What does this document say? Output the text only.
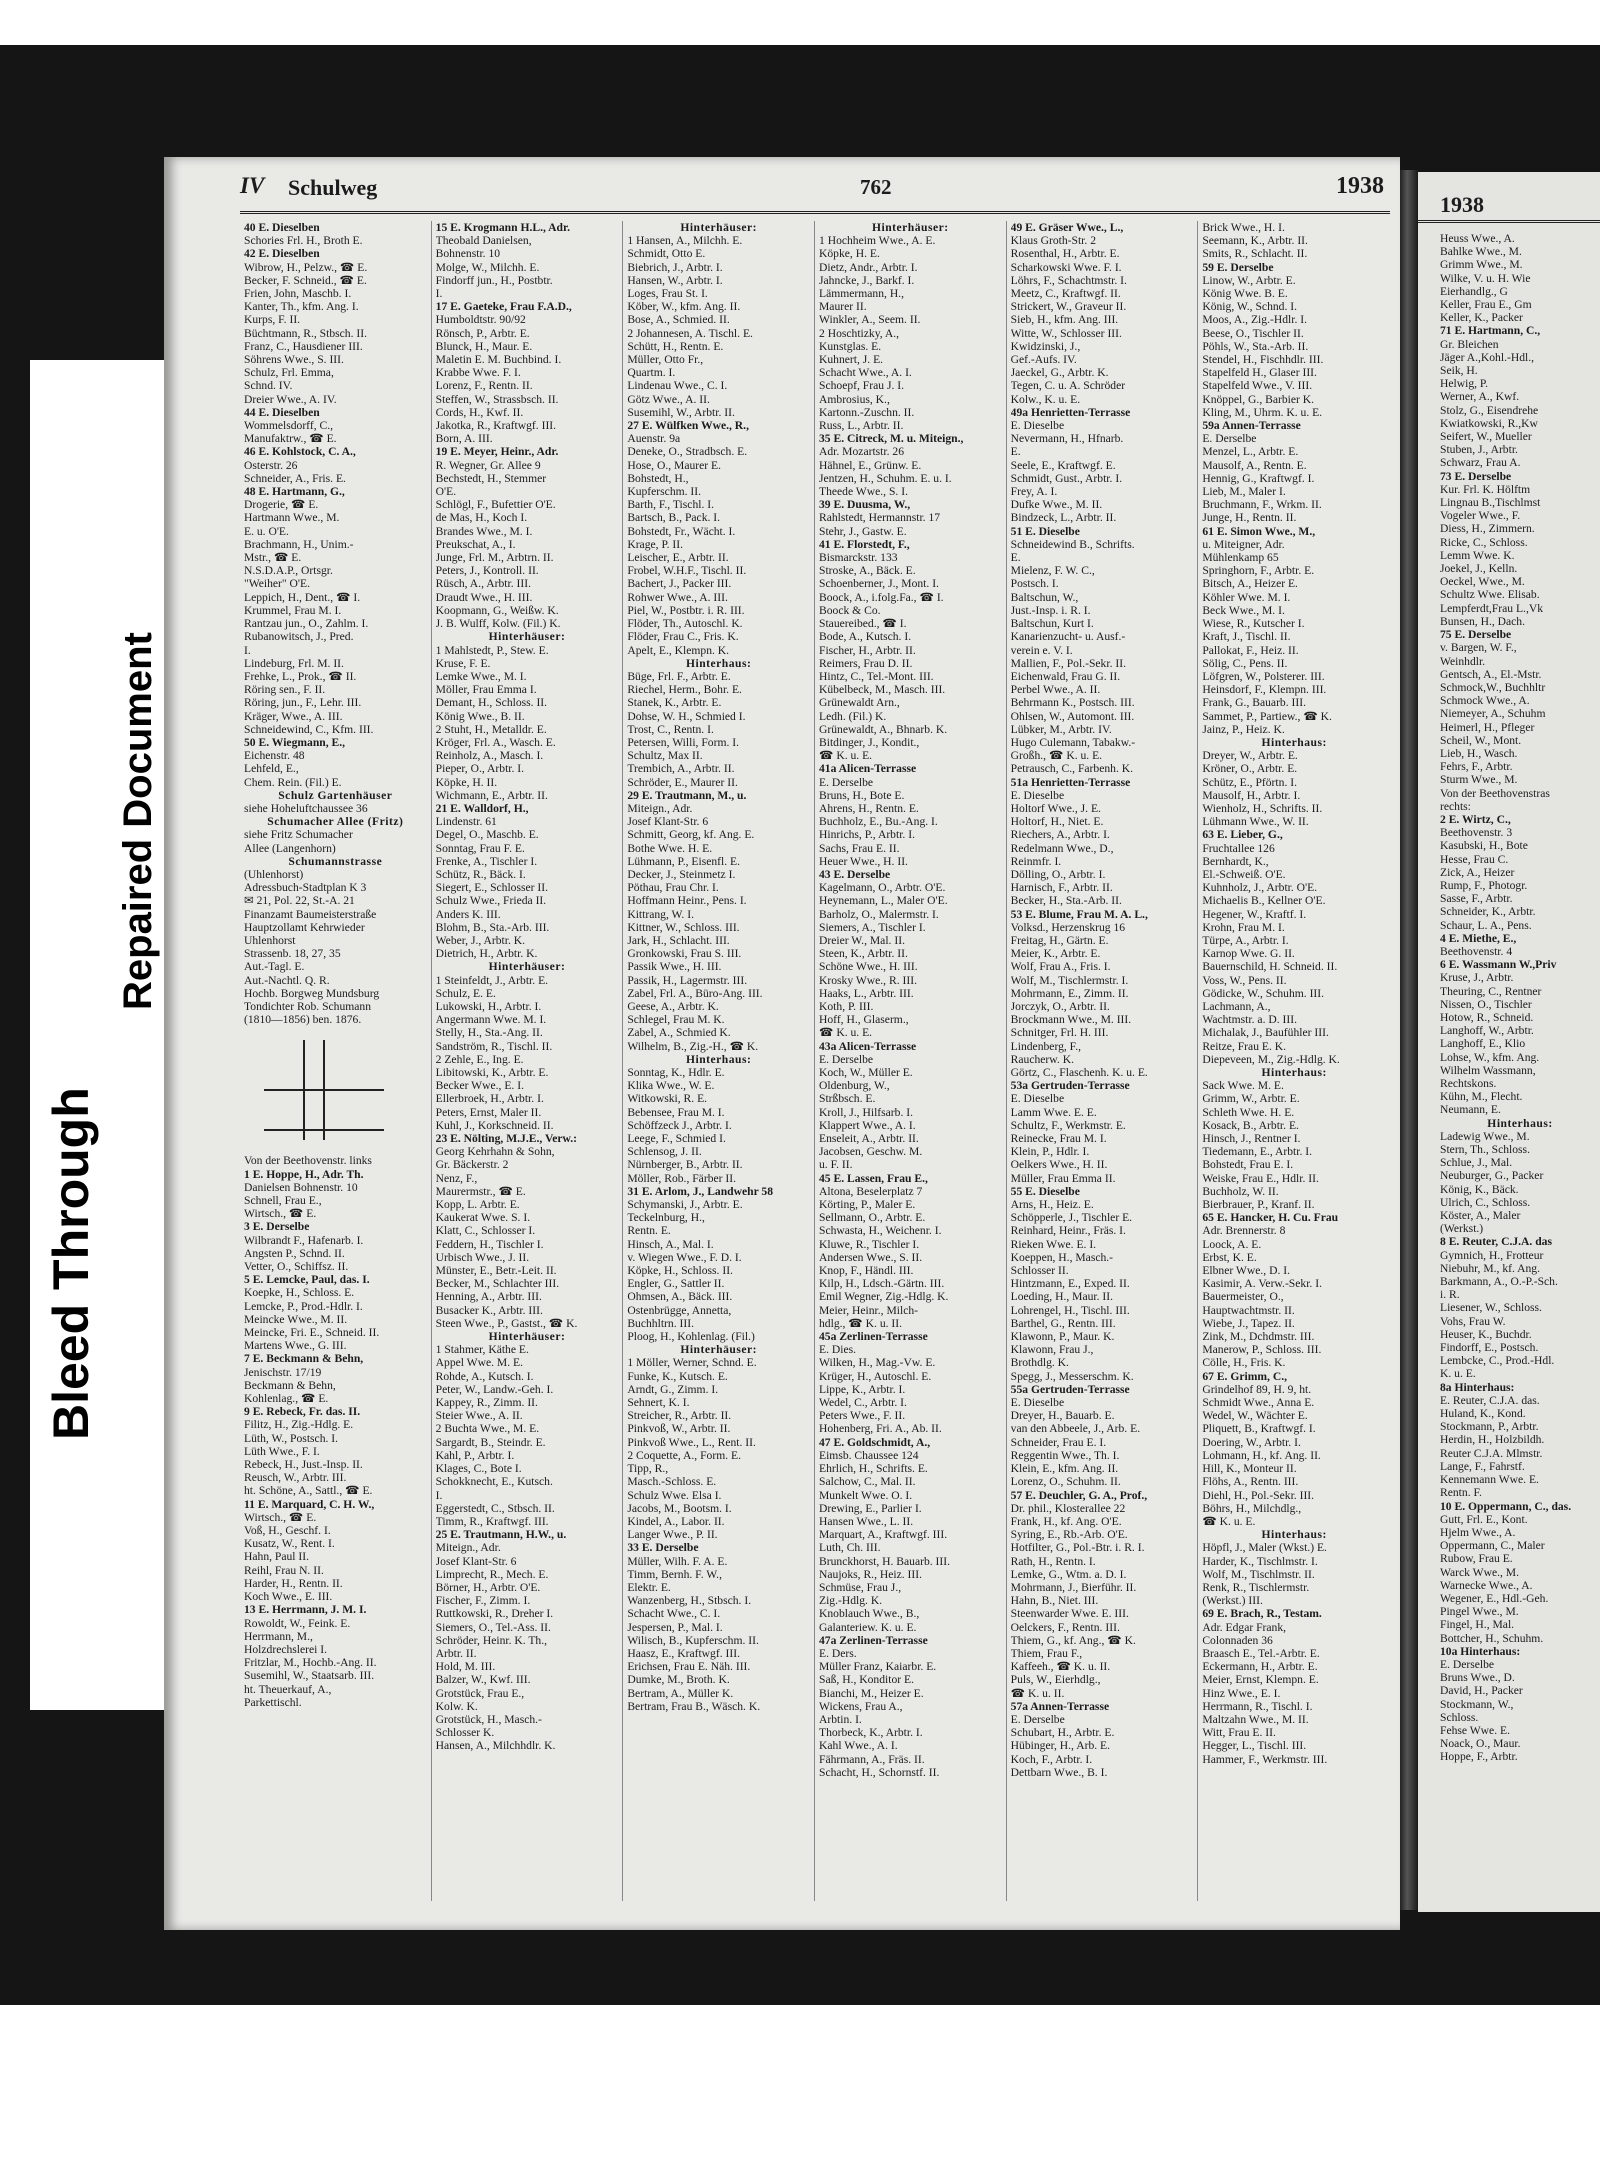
Bleed Through
Repaired Document
IV Schulweg	762	1938
40 E. Dieselben
Schories Frl. H., Broth E.
42 E. Dieselben
Wibrow, H., Pelzw., ☎ E.
Becker, F. Schneid., ☎ E.
Frien, John, Maschb. I.
Kanter, Th., kfm. Ang. I.
Kurps, F. II.
Büchtmann, R., Stbsch. II.
Franz, C., Hausdiener III.
Söhrens Wwe., S. III.
Schulz, Frl. Emma,
Schnd. IV.
Dreier Wwe., A. IV.
44 E. Dieselben
Wommelsdorff, C.,
Manufaktrw., ☎ E.
46 E. Kohlstock, C. A.,
Osterstr. 26
Schneider, A., Fris. E.
48 E. Hartmann, G.,
Drogerie, ☎ E.
Hartmann Wwe., M.
E. u. O'E.
Brachmann, H., Unim.-
Mstr., ☎ E.
N.S.D.A.P., Ortsgr.
"Weiher" O'E.
Leppich, H., Dent., ☎ I.
Krummel, Frau M. I.
Rantzau jun., O., Zahlm. I.
Rubanowitsch, J., Pred.
I.
Lindeburg, Frl. M. II.
Frehke, L., Prok., ☎ II.
Röring sen., F. II.
Röring, jun., F., Lehr. III.
Kräger, Wwe., A. III.
Schneidewind, C., Kfm. III.
50 E. Wiegmann, E.,
Eichenstr. 48
Lehfeld, E.,
Chem. Rein. (Fil.) E.
Schulz Gartenhäuser
siehe Hoheluftchaussee 36
Schumacher Allee (Fritz)
siehe Fritz Schumacher
Allee (Langenhorn)
Schumannstrasse
(Uhlenhorst)
Adressbuch-Stadtplan K 3
✉ 21, Pol. 22, St.-A. 21
Finanzamt Baumeisterstraße
Hauptzollamt Kehrwieder
Uhlenhorst
Strassenb. 18, 27, 35
Aut.-Tagl. E.
Aut.-Nachtl. Q. R.
Hochb. Borgweg Mundsburg
Tondichter Rob. Schumann
(1810—1856) ben. 1876.
Von der Beethovenstr. links
1 E. Hoppe, H., Adr. Th.
Danielsen Bohnenstr. 10
Schnell, Frau E.,
Wirtsch., ☎ E.
3 E. Derselbe
Wilbrandt F., Hafenarb. I.
Angsten P., Schnd. II.
Vetter, O., Schiffsz. II.
5 E. Lemcke, Paul, das. I.
Koepke, H., Schloss. E.
Lemcke, P., Prod.-Hdlr. I.
Meincke Wwe., M. II.
Meincke, Fri. E., Schneid. II.
Martens Wwe., G. III.
7 E. Beckmann & Behn,
Jenischstr. 17/19
Beckmann & Behn,
Kohlenlag., ☎ E.
9 E. Rebeck, Fr. das. II.
Filitz, H., Zig.-Hdlg. E.
Lüth, W., Postsch. I.
Lüth Wwe., F. I.
Rebeck, H., Just.-Insp. II.
Reusch, W., Arbtr. III.
ht. Schöne, A., Sattl., ☎ E.
11 E. Marquard, C. H. W.,
Wirtsch., ☎ E.
Voß, H., Geschf. I.
Kusatz, W., Rent. I.
Hahn, Paul II.
Reihl, Frau N. II.
Harder, H., Rentn. II.
Koch Wwe., E. III.
13 E. Herrmann, J. M. I.
Rowoldt, W., Feink. E.
Herrmann, M.,
Holzdrechslerei I.
Fritzlar, M., Hochb.-Ang. II.
Susemihl, W., Staatsarb. III.
ht. Theuerkauf, A.,
Parkettischl.
15 E. Krogmann H.L., Adr.
Theobald Danielsen,
Bohnenstr. 10
Molge, W., Milchh. E.
Findorff jun., H., Postbtr.
I.
17 E. Gaeteke, Frau F.A.D.,
Humboldtstr. 90/92
Rönsch, P., Arbtr. E.
Blunck, H., Maur. E.
Maletin E. M. Buchbind. I.
Krabbe Wwe. F. I.
Lorenz, F., Rentn. II.
Steffen, W., Strassbsch. II.
Cords, H., Kwf. II.
Jakotka, R., Kraftwgf. III.
Born, A. III.
19 E. Meyer, Heinr., Adr.
R. Wegner, Gr. Allee 9
Bechstedt, H., Stemmer
O'E.
Schlögl, F., Bufettier O'E.
de Mas, H., Koch I.
Brandes Wwe., M. I.
Preukschat, A., I.
Junge, Frl. M., Arbtrn. II.
Peters, J., Kontroll. II.
Rüsch, A., Arbtr. III.
Draudt Wwe., H. III.
Koopmann, G., Weißw. K.
J. B. Wulff, Kolw. (Fil.) K.
Hinterhäuser:
1 Mahlstedt, P., Stew. E.
Kruse, F. E.
Lemke Wwe., M. I.
Möller, Frau Emma I.
Demant, H., Schloss. II.
König Wwe., B. II.
2 Stuht, H., Metalldr. E.
Kröger, Frl. A., Wasch. E.
Reinholz, A., Masch. I.
Pieper, O., Arbtr. I.
Köpke, H. II.
Wichmann, E., Arbtr. II.
21 E. Walldorf, H.,
Lindenstr. 61
Degel, O., Maschb. E.
Sonntag, Frau F. E.
Frenke, A., Tischler I.
Schütz, R., Bäck. I.
Siegert, E., Schlosser II.
Schulz Wwe., Frieda II.
Anders K. III.
Blohm, B., Sta.-Arb. III.
Weber, J., Arbtr. K.
Dietrich, H., Arbtr. K.
Hinterhäuser:
1 Steinfeldt, J., Arbtr. E.
Schulz, E. E.
Lukowski, H., Arbtr. I.
Angermann Wwe. M. I.
Stelly, H., Sta.-Ang. II.
Sandström, R., Tischl. II.
2 Zehle, E., Ing. E.
Libitowski, K., Arbtr. E.
Becker Wwe., E. I.
Ellerbroek, H., Arbtr. I.
Peters, Ernst, Maler II.
Kuhl, J., Korkschneid. II.
23 E. Nölting, M.J.E., Verw.:
Georg Kehrhahn & Sohn,
Gr. Bäckerstr. 2
Nenz, F.,
Maurermstr., ☎ E.
Kopp, L. Arbtr. E.
Kaukerat Wwe. S. I.
Klatt, C., Schlosser I.
Feddern, H., Tischler I.
Urbisch Wwe., J. II.
Münster, E., Betr.-Leit. II.
Becker, M., Schlachter III.
Henning, A., Arbtr. III.
Busacker K., Arbtr. III.
Steen Wwe., P., Gastst., ☎ K.
Hinterhäuser:
1 Stahmer, Käthe E.
Appel Wwe. M. E.
Rohde, A., Kutsch. I.
Peter, W., Landw.-Geh. I.
Kappey, R., Zimm. II.
Steier Wwe., A. II.
2 Buchta Wwe., M. E.
Sargardt, B., Steindr. E.
Kahl, P., Arbtr. I.
Klages, C., Bote I.
Schokknecht, E., Kutsch.
I.
Eggerstedt, C., Stbsch. II.
Timm, R., Kraftwgf. III.
25 E. Trautmann, H.W., u.
Miteign., Adr.
Josef Klant-Str. 6
Limprecht, R., Mech. E.
Börner, H., Arbtr. O'E.
Fischer, F., Zimm. I.
Ruttkowski, R., Dreher I.
Siemers, O., Tel.-Ass. II.
Schröder, Heinr. K. Th.,
Arbtr. II.
Hold, M. III.
Balzer, W., Kwf. III.
Grotstück, Frau E.,
Kolw. K.
Grotstück, H., Masch.-
Schlosser K.
Hansen, A., Milchhdlr. K.
Hinterhäuser:
1 Hansen, A., Milchh. E.
Schmidt, Otto E.
Biebrich, J., Arbtr. I.
Hansen, W., Arbtr. I.
Loges, Frau St. I.
Köber, W., kfm. Ang. II.
Bose, A., Schmied. II.
2 Johannesen, A. Tischl. E.
Schütt, H., Rentn. E.
Müller, Otto Fr.,
Quartm. I.
Lindenau Wwe., C. I.
Götz Wwe., A. II.
Susemihl, W., Arbtr. II.
27 E. Wülfken Wwe., R.,
Auenstr. 9a
Deneke, O., Stradbsch. E.
Hose, O., Maurer E.
Bohstedt, H.,
Kupferschm. II.
Barth, F., Tischl. I.
Bartsch, B., Pack. I.
Bohstedt, Fr., Wächt. I.
Krage, P. II.
Leischer, E., Arbtr. II.
Frobel, W.H.F., Tischl. II.
Bachert, J., Packer III.
Rohwer Wwe., A. III.
Piel, W., Postbtr. i. R. III.
Flöder, Th., Autoschl. K.
Flöder, Frau C., Fris. K.
Apelt, E., Klempn. K.
Hinterhaus:
Büge, Frl. F., Arbtr. E.
Riechel, Herm., Bohr. E.
Stanek, K., Arbtr. E.
Dohse, W. H., Schmied I.
Trost, C., Rentn. I.
Petersen, Willi, Form. I.
Schultz, Max II.
Trembich, A., Arbtr. II.
Schröder, E., Maurer II.
29 E. Trautmann, M., u.
Miteign., Adr.
Josef Klant-Str. 6
Schmitt, Georg, kf. Ang. E.
Bothe Wwe. H. E.
Lühmann, P., Eisenfl. E.
Decker, J., Steinmetz I.
Pöthau, Frau Chr. I.
Hoffmann Heinr., Pens. I.
Kittrang, W. I.
Kittner, W., Schloss. III.
Jark, H., Schlacht. III.
Gronkowski, Frau S. III.
Passik Wwe., H. III.
Passik, H., Lagermstr. III.
Zabel, Frl. A., Büro-Ang. III.
Geese, A., Arbtr. K.
Schlegel, Frau M. K.
Zabel, A., Schmied K.
Wilhelm, B., Zig.-H., ☎ K.
Hinterhaus:
Sonntag, K., Hdlr. E.
Klika Wwe., W. E.
Witkowski, R. E.
Bebensee, Frau M. I.
Schöffzeck J., Arbtr. I.
Leege, F., Schmied I.
Schlensog, J. II.
Nürnberger, B., Arbtr. II.
Möller, Rob., Färber II.
31 E. Arlom, J., Landwehr 58
Schymanski, J., Arbtr. E.
Teckelnburg, H.,
Rentn. E.
Hinsch, A., Mal. I.
v. Wiegen Wwe., F. D. I.
Köpke, H., Schloss. II.
Engler, G., Sattler II.
Ohmsen, A., Bäck. III.
Ostenbrügge, Annetta,
Buchhltrn. III.
Ploog, H., Kohlenlag. (Fil.)
Hinterhäuser:
1 Möller, Werner, Schnd. E.
Funke, K., Kutsch. E.
Arndt, G., Zimm. I.
Sehnert, K. I.
Streicher, R., Arbtr. II.
Pinkvoß, W., Arbtr. II.
Pinkvoß Wwe., L., Rent. II.
2 Coquette, A., Form. E.
Tipp, R.,
Masch.-Schloss. E.
Schulz Wwe. Elsa I.
Jacobs, M., Bootsm. I.
Kindel, A., Labor. II.
Langer Wwe., P. II.
33 E. Derselbe
Müller, Wilh. F. A. E.
Timm, Bernh. F. W.,
Elektr. E.
Wanzenberg, H., Stbsch. I.
Schacht Wwe., C. I.
Jespersen, P., Mal. I.
Wilisch, B., Kupferschm. II.
Haasz, E., Kraftwgf. III.
Erichsen, Frau E. Näh. III.
Dumke, M., Broth. K.
Bertram, A., Müller K.
Bertram, Frau B., Wäsch. K.
Hinterhäuser:
1 Hochheim Wwe., A. E.
Köpke, H. E.
Dietz, Andr., Arbtr. I.
Jahncke, J., Barkf. I.
Lämmermann, H.,
Maurer II.
Winkler, A., Seem. II.
2 Hoschtizky, A.,
Kunstglas. E.
Kuhnert, J. E.
Schacht Wwe., A. I.
Schoepf, Frau J. I.
Ambrosius, K.,
Kartonn.-Zuschn. II.
Russ, L., Arbtr. II.
35 E. Citreck, M. u. Miteign.,
Adr. Mozartstr. 26
Hähnel, E., Grünw. E.
Jentzen, H., Schuhm. E. u. I.
Theede Wwe., S. I.
39 E. Duusma, W.,
Rahlstedt, Hermannstr. 17
Stehr, J., Gastw. E.
41 E. Florstedt, F.,
Bismarckstr. 133
Stroske, A., Bäck. E.
Schoenberner, J., Mont. I.
Boock, A., i.folg.Fa., ☎ I.
Boock & Co.
Stauereibed., ☎ I.
Bode, A., Kutsch. I.
Fischer, H., Arbtr. II.
Reimers, Frau D. II.
Hintz, C., Tel.-Mont. III.
Kübelbeck, M., Masch. III.
Grünewaldt Arn.,
Ledh. (Fil.) K.
Grünewaldt, A., Bhnarb. K.
Bitdinger, J., Kondit.,
☎ K. u. E.
41a Alicen-Terrasse
E. Derselbe
Bruns, H., Bote E.
Ahrens, H., Rentn. E.
Buchholz, E., Bu.-Ang. I.
Hinrichs, P., Arbtr. I.
Sachs, Frau E. II.
Heuer Wwe., H. II.
43 E. Derselbe
Kagelmann, O., Arbtr. O'E.
Heynemann, L., Maler O'E.
Barholz, O., Malermstr. I.
Siemers, A., Tischler I.
Dreier W., Mal. II.
Steen, K., Arbtr. II.
Schöne Wwe., H. III.
Krosky Wwe., R. III.
Haaks, L., Arbtr. III.
Koth, P. III.
Hoff, H., Glaserm.,
☎ K. u. E.
43a Alicen-Terrasse
E. Derselbe
Koch, W., Müller E.
Oldenburg, W.,
Strßbsch. E.
Kroll, J., Hilfsarb. I.
Klappert Wwe., A. I.
Enseleit, A., Arbtr. II.
Jacobsen, Geschw. M.
u. F. II.
45 E. Lassen, Frau E.,
Altona, Beselerplatz 7
Körting, P., Maler E.
Sellmann, O., Arbtr. E.
Schwasta, H., Weichenr. I.
Kluwe, R., Tischler I.
Andersen Wwe., S. II.
Knop, F., Händl. III.
Kilp, H., Ldsch.-Gärtn. III.
Emil Wegner, Zig.-Hdlg. K.
Meier, Heinr., Milch-
hdlg., ☎ K. u. II.
45a Zerlinen-Terrasse
E. Dies.
Wilken, H., Mag.-Vw. E.
Krüger, H., Autoschl. E.
Lippe, K., Arbtr. I.
Wedel, C., Arbtr. I.
Peters Wwe., F. II.
Hohenberg, Fri. A., Ab. II.
47 E. Goldschmidt, A.,
Eimsb. Chaussee 124
Ehrlich, H., Schrifts. E.
Salchow, C., Mal. II.
Munkelt Wwe. O. I.
Drewing, E., Parlier I.
Hansen Wwe., L. II.
Marquart, A., Kraftwgf. III.
Luth, Ch. III.
Brunckhorst, H. Bauarb. III.
Naujoks, R., Heiz. III.
Schmüse, Frau J.,
Zig.-Hdlg. K.
Knoblauch Wwe., B.,
Galanteriew. K. u. E.
47a Zerlinen-Terrasse
E. Ders.
Müller Franz, Kaiarbr. E.
Saß, H., Konditor E.
Bianchi, M., Heizer E.
Wickens, Frau A.,
Arbtin. I.
Thorbeck, K., Arbtr. I.
Kahl Wwe., A. I.
Fährmann, A., Fräs. II.
Schacht, H., Schornstf. II.
49 E. Gräser Wwe., L.,
Klaus Groth-Str. 2
Rosenthal, H., Arbtr. E.
Scharkowski Wwe. F. I.
Löhrs, F., Schachtmstr. I.
Meetz, C., Kraftwgf. II.
Strickert, W., Graveur II.
Sieb, H., kfm. Ang. III.
Witte, W., Schlosser III.
Kwidzinski, J.,
Gef.-Aufs. IV.
Jaeckel, G., Arbtr. K.
Tegen, C. u. A. Schröder
Kolw., K. u. E.
49a Henrietten-Terrasse
E. Dieselbe
Nevermann, H., Hfnarb.
E.
Seele, E., Kraftwgf. E.
Schmidt, Gust., Arbtr. I.
Frey, A. I.
Dufke Wwe., M. II.
Bindzeck, L., Arbtr. II.
51 E. Dieselbe
Schneidewind B., Schrifts.
E.
Mielenz, F. W. C.,
Postsch. I.
Baltschun, W.,
Just.-Insp. i. R. I.
Baltschun, Kurt I.
Kanarienzucht- u. Ausf.-
verein e. V. I.
Mallien, F., Pol.-Sekr. II.
Eichenwald, Frau G. II.
Perbel Wwe., A. II.
Behrmann K., Postsch. III.
Ohlsen, W., Automont. III.
Lübker, M., Arbtr. IV.
Hugo Culemann, Tabakw.-
Großh., ☎ K. u. E.
Petrausch, C., Farbenh. K.
51a Henrietten-Terrasse
E. Dieselbe
Holtorf Wwe., J. E.
Holtorf, H., Niet. E.
Riechers, A., Arbtr. I.
Redelmann Wwe., D.,
Reinmfr. I.
Dölling, O., Arbtr. I.
Harnisch, F., Arbtr. II.
Becker, H., Sta.-Arb. II.
53 E. Blume, Frau M. A. L.,
Volksd., Herzenskrug 16
Freitag, H., Gärtn. E.
Meier, K., Arbtr. E.
Wolf, Frau A., Fris. I.
Wolf, M., Tischlermstr. I.
Mohrmann, E., Zimm. II.
Jorczyk, O., Arbtr. II.
Brockmann Wwe., M. III.
Schnitger, Frl. H. III.
Lindenberg, F.,
Raucherw. K.
Görtz, C., Flaschenh. K. u. E.
53a Gertruden-Terrasse
E. Dieselbe
Lamm Wwe. E. E.
Schultz, F., Werkmstr. E.
Reinecke, Frau M. I.
Klein, P., Hdlr. I.
Oelkers Wwe., H. II.
Müller, Frau Emma II.
55 E. Dieselbe
Arns, H., Heiz. E.
Schöpperle, J., Tischler E.
Reinhard, Heinr., Fräs. I.
Rieken Wwe. E. I.
Koeppen, H., Masch.-
Schlosser II.
Hintzmann, E., Exped. II.
Loeding, H., Maur. II.
Lohrengel, H., Tischl. III.
Barthel, G., Rentn. III.
Klawonn, P., Maur. K.
Klawonn, Frau J.,
Brothdlg. K.
Spegg, J., Messerschm. K.
55a Gertruden-Terrasse
E. Dieselbe
Dreyer, H., Bauarb. E.
van den Abbeele, J., Arb. E.
Schneider, Frau E. I.
Reggentin Wwe., Th. I.
Klein, E., kfm. Ang. II.
Lorenz, O., Schuhm. II.
57 E. Deuchler, G. A., Prof.,
Dr. phil., Klosterallee 22
Frank, H., kf. Ang. O'E.
Syring, E., Rb.-Arb. O'E.
Hotfilter, G., Pol.-Btr. i. R. I.
Rath, H., Rentn. I.
Lemke, G., Wtm. a. D. I.
Mohrmann, J., Bierführ. II.
Hahn, B., Niet. III.
Steenwarder Wwe. E. III.
Oelckers, F., Rentn. III.
Thiem, G., kf. Ang., ☎ K.
Thiem, Frau F.,
Kaffeeh., ☎ K. u. II.
Puls, W., Eierhdlg.,
☎ K. u. II.
57a Annen-Terrasse
E. Derselbe
Schubart, H., Arbtr. E.
Hübinger, H., Arb. E.
Koch, F., Arbtr. I.
Dettbarn Wwe., B. I.
Brick Wwe., H. I.
Seemann, K., Arbtr. II.
Smits, R., Schlacht. II.
59 E. Derselbe
Linow, W., Arbtr. E.
König Wwe. B. E.
König, W., Schnd. I.
Moos, A., Zig.-Hdlr. I.
Beese, O., Tischler II.
Pöhls, W., Sta.-Arb. II.
Stendel, H., Fischhdlr. III.
Stapelfeld H., Glaser III.
Stapelfeld Wwe., V. III.
Knöppel, G., Barbier K.
Kling, M., Uhrm. K. u. E.
59a Annen-Terrasse
E. Derselbe
Menzel, L., Arbtr. E.
Mausolf, A., Rentn. E.
Hennig, G., Kraftwgf. I.
Lieb, M., Maler I.
Bruchmann, F., Wrkm. II.
Junge, H., Rentn. II.
61 E. Simon Wwe., M.,
u. Miteigner, Adr.
Mühlenkamp 65
Springhorn, F., Arbtr. E.
Bitsch, A., Heizer E.
Köhler Wwe. M. I.
Beck Wwe., M. I.
Wiese, R., Kutscher I.
Kraft, J., Tischl. II.
Pallokat, F., Heiz. II.
Sölig, C., Pens. II.
Löfgren, W., Polsterer. III.
Heinsdorf, F., Klempn. III.
Frank, G., Bauarb. III.
Sammet, P., Partiew., ☎ K.
Jainz, P., Heiz. K.
Hinterhaus:
Dreyer, W., Arbtr. E.
Kröner, O., Arbtr. E.
Schütz, E., Pförtn. I.
Mausolf, H., Arbtr. I.
Wienholz, H., Schrifts. II.
Lühmann Wwe., W. II.
63 E. Lieber, G.,
Fruchtallee 126
Bernhardt, K.,
El.-Schweiß. O'E.
Kuhnholz, J., Arbtr. O'E.
Michaelis B., Kellner O'E.
Hegener, W., Kraftf. I.
Krohn, Frau M. I.
Türpe, A., Arbtr. I.
Karnop Wwe. G. II.
Bauernschild, H. Schneid. II.
Voss, W., Pens. II.
Gödicke, W., Schuhm. III.
Lachmann, A.,
Wachtmstr. a. D. III.
Michalak, J., Baufühler III.
Reitze, Frau E. K.
Diepeveen, M., Zig.-Hdlg. K.
Hinterhaus:
Sack Wwe. M. E.
Grimm, W., Arbtr. E.
Schleth Wwe. H. E.
Kosack, B., Arbtr. E.
Hinsch, J., Rentner I.
Tiedemann, E., Arbtr. I.
Bohstedt, Frau E. I.
Weiske, Frau E., Hdlr. II.
Buchholz, W. II.
Bierbrauer, P., Kranf. II.
65 E. Hancker, H. Cu. Frau
Adr. Brennerstr. 8
Loock, A. E.
Erbst, K. E.
Elbner Wwe., D. I.
Kasimir, A. Verw.-Sekr. I.
Bauermeister, O.,
Hauptwachtmstr. II.
Wiebe, J., Tapez. II.
Zink, M., Dchdmstr. III.
Manerow, P., Schloss. III.
Cölle, H., Fris. K.
67 E. Grimm, C.,
Grindelhof 89, H. 9, ht.
Schmidt Wwe., Anna E.
Wedel, W., Wächter E.
Pliquett, B., Kraftwgf. I.
Doering, W., Arbtr. I.
Lohmann, H., kf. Ang. II.
Hill, K., Monteur II.
Flöhs, A., Rentn. III.
Diehl, H., Pol.-Sekr. III.
Böhrs, H., Milchdlg.,
☎ K. u. E.
Hinterhaus:
Höpfl, J., Maler (Wkst.) E.
Harder, K., Tischlmstr. I.
Wolf, M., Tischlmstr. II.
Renk, R., Tischlermstr.
(Werkst.) III.
69 E. Brach, R., Testam.
Adr. Edgar Frank,
Colonnaden 36
Braasch E., Tel.-Arbtr. E.
Eckermann, H., Arbtr. E.
Meier, Ernst, Klempn. E.
Hinz Wwe., E. I.
Herrmann, R., Tischl. I.
Maltzahn Wwe., M. II.
Witt, Frau E. II.
Hegger, L., Tischl. III.
Hammer, F., Werkmstr. III.
1938
Heuss Wwe., A.
Bahlke Wwe., M.
Grimm Wwe., M.
Wilke, V. u. H. Wie
Eierhandlg., G
Keller, Frau E., Gm
Keller, K., Packer
71 E. Hartmann, C.,
Gr. Bleichen
Jäger A.,Kohl.-Hdl.,
Seik, H.
Helwig, P.
Werner, A., Kwf.
Stolz, G., Eisendrehe
Kwiatkowski, R.,Kw
Seifert, W., Mueller
Stuben, J., Arbtr.
Schwarz, Frau A.
73 E. Derselbe
Kur. Frl. K. Hölftm
Lingnau B.,Tischlmst
Vogeler Wwe., F.
Diess, H., Zimmern.
Ricke, C., Schloss.
Lemm Wwe. K.
Joekel, J., Kelln.
Oeckel, Wwe., M.
Schultz Wwe. Elisab.
Lempferdt,Frau L.,Vk
Bunsen, H., Dach.
75 E. Derselbe
v. Bargen, W. F.,
Weinhdlr.
Gentsch, A., El.-Mstr.
Schmock,W., Buchhltr
Schmock Wwe., A.
Niemeyer, A., Schuhm
Heimerl, H., Pfleger
Scheil, W., Mont.
Lieb, H., Wasch.
Fehrs, F., Arbtr.
Sturm Wwe., M.
Von der Beethovenstras
rechts:
2 E. Wirtz, C.,
Beethovenstr. 3
Kasubski, H., Bote
Hesse, Frau C.
Zick, A., Heizer
Rump, F., Photogr.
Sasse, F., Arbtr.
Schneider, K., Arbtr.
Schaur, L. A., Pens.
4 E. Miethe, E.,
Beethovenstr. 4
6 E. Wassmann W.,Priv
Kruse, J., Arbtr.
Theuring, C., Rentner
Nissen, O., Tischler
Hotow, R., Schneid.
Langhoff, W., Arbtr.
Langhoff, E., Klio
Lohse, W., kfm. Ang.
Wilhelm Wassmann,
Rechtskons.
Kühn, M., Flecht.
Neumann, E.
Hinterhaus:
Ladewig Wwe., M.
Stern, Th., Schloss.
Schlue, J., Mal.
Neuburger, G., Packer
König, K., Bäck.
Ulrich, C., Schloss.
Köster, A., Maler
(Werkst.)
8 E. Reuter, C.J.A. das
Gymnich, H., Frotteur
Niebuhr, M., kf. Ang.
Barkmann, A., O.-P.-Sch.
i. R.
Liesener, W., Schloss.
Vohs, Frau W.
Heuser, K., Buchdr.
Findorff, E., Postsch.
Lembcke, C., Prod.-Hdl.
K. u. E.
8a Hinterhaus:
E. Reuter, C.J.A. das.
Huland, K., Kond.
Stockmann, P., Arbtr.
Herdin, H., Holzbildh.
Reuter C.J.A. Mlmstr.
Lange, F., Fahrstf.
Kennemann Wwe. E.
Rentn. F.
10 E. Oppermann, C., das.
Gutt, Frl. E., Kont.
Hjelm Wwe., A.
Oppermann, C., Maler
Rubow, Frau E.
Warck Wwe., M.
Warnecke Wwe., A.
Wegener, E., Hdl.-Geh.
Pingel Wwe., M.
Fingel, H., Mal.
Bottcher, H., Schuhm.
10a Hinterhaus:
E. Derselbe
Bruns Wwe., D.
David, H., Packer
Stockmann, W.,
Schloss.
Fehse Wwe. E.
Noack, O., Maur.
Hoppe, F., Arbtr.
